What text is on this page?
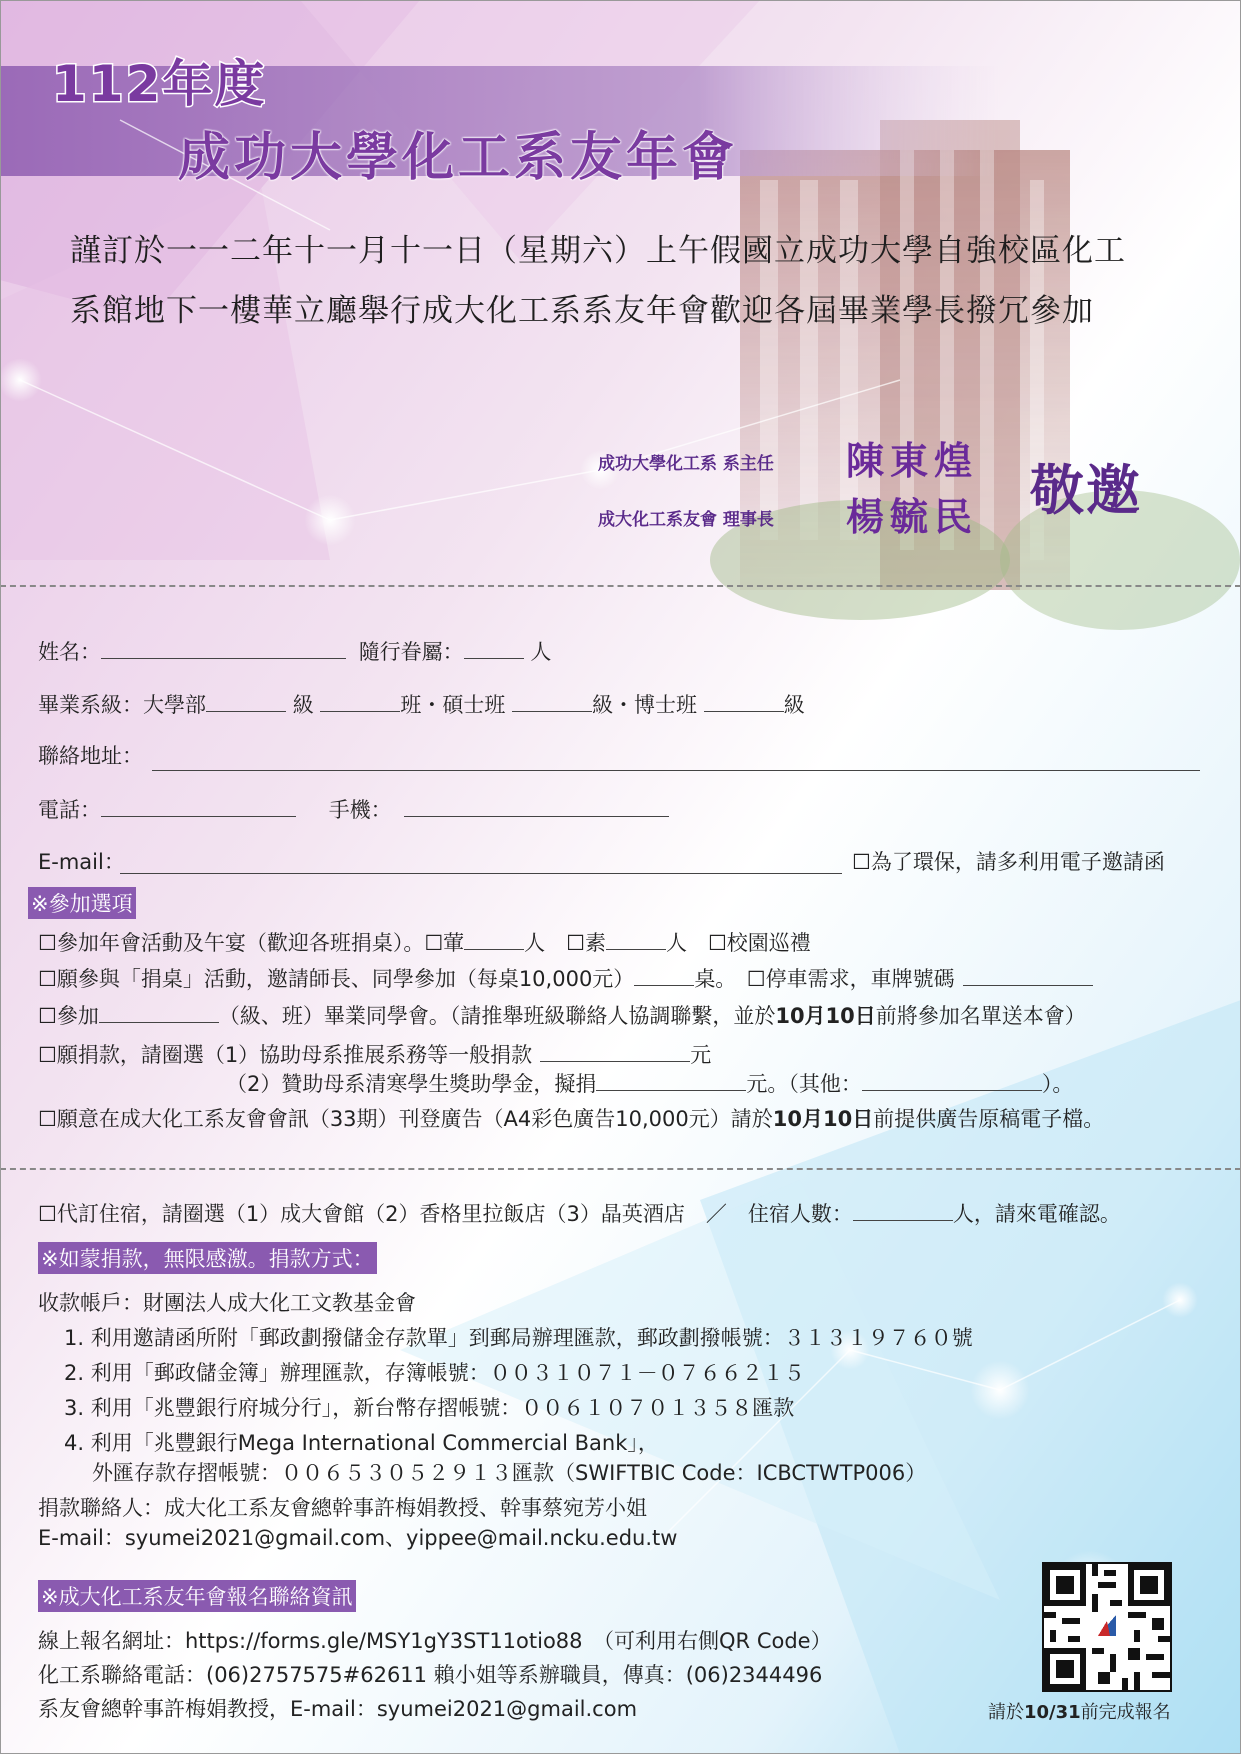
112年度
成功大學化工系友年會
謹訂於一一二年十一月十一日（星期六）上午假國立成功大學自強校區化工
系館地下一樓華立廳舉行成大化工系系友年會歡迎各屆畢業學長撥冗參加
成功大學化工系 系主任 陳東煌
成大化工系友會 理事長 楊毓民 敬邀
姓名：	隨行眷屬：	人
畢業系級：大學部	級	班・碩士班	級・博士班	級
聯絡地址：
電話：	手機：
E-mail：	☐為了環保，請多利用電子邀請函
※參加選項
☐參加年會活動及午宴（歡迎各班捐桌）。☐葷	人　☐素	人　☐校園巡禮
☐願參與「捐桌」活動，邀請師長、同學參加（每桌10,000元）	桌。　☐停車需求，車牌號碼
☐參加	（級、班）畢業同學會。（請推舉班級聯絡人協調聯繫，並於10月10日前將參加名單送本會）
☐願捐款，請圈選（1）協助母系推展系務等一般捐款	元
（2）贊助母系清寒學生獎助學金，擬捐	元。（其他：	）。
☐願意在成大化工系友會會訊（33期）刊登廣告（A4彩色廣告10,000元）請於10月10日前提供廣告原稿電子檔。
☐代訂住宿，請圈選（1）成大會館（2）香格里拉飯店（3）晶英酒店　／　住宿人數：	人，請來電確認。
※如蒙捐款，無限感激。捐款方式：
收款帳戶：財團法人成大化工文教基金會
1. 利用邀請函所附「郵政劃撥儲金存款單」到郵局辦理匯款，郵政劃撥帳號：３１３１９７６０號
2. 利用「郵政儲金簿」辦理匯款，存簿帳號：００３１０７１－０７６６２１５
3. 利用「兆豐銀行府城分行」，新台幣存摺帳號：００６１０７０１３５８匯款
4. 利用「兆豐銀行Mega International Commercial Bank」，
外匯存款存摺帳號：００６５３０５２９１３匯款（SWIFTBIC Code：ICBCTWTP006）
捐款聯絡人：成大化工系友會總幹事許梅娟教授、幹事蔡宛芳小姐
E-mail：syumei2021@gmail.com、yippee@mail.ncku.edu.tw
※成大化工系友年會報名聯絡資訊
線上報名網址：https://forms.gle/MSY1gY3ST11otio88　（可利用右側QR Code）
化工系聯絡電話：(06)2757575#62611 賴小姐等系辦職員，傳真：(06)2344496
系友會總幹事許梅娟教授，E-mail：syumei2021@gmail.com	請於10/31前完成報名
